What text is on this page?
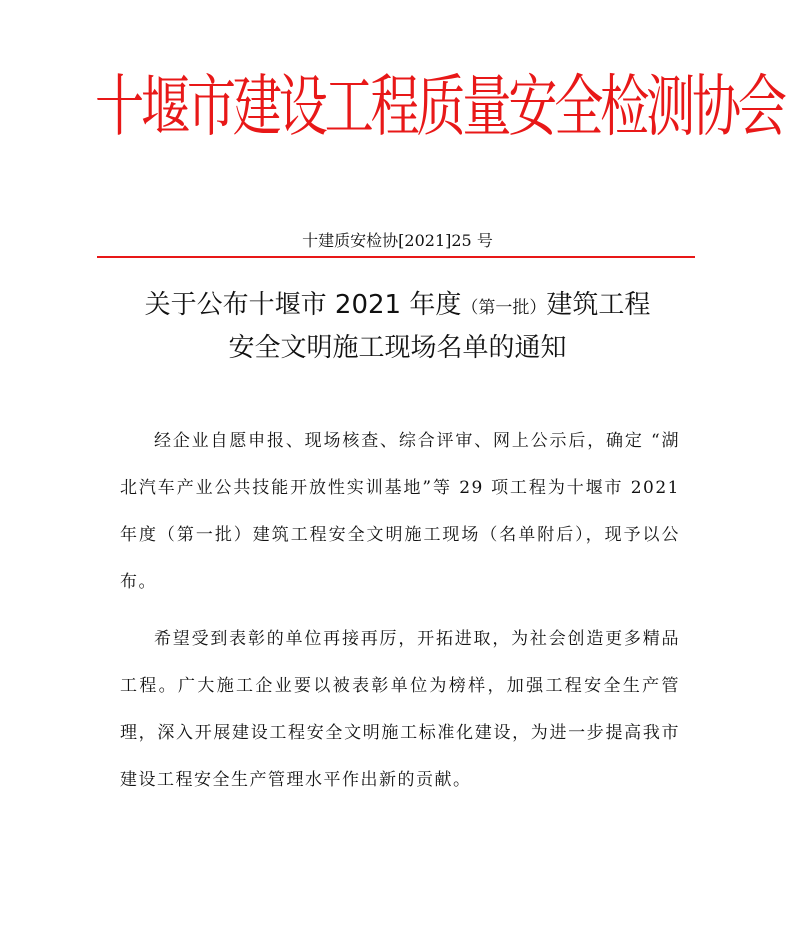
十堰市建设工程质量安全检测协会
十建质安检协[2021]25 号
关于公布十堰市 2021 年度（第一批）建筑工程
安全文明施工现场名单的通知

经企业自愿申报、现场核查、综合评审、网上公示后，确定 “湖北汽车产业公共技能开放性实训基地”等 29 项工程为十堰市 2021 年度（第一批）建筑工程安全文明施工现场（名单附后），现予以公布。

希望受到表彰的单位再接再厉，开拓进取，为社会创造更多精品工程。广大施工企业要以被表彰单位为榜样，加强工程安全生产管理，深入开展建设工程安全文明施工标准化建设，为进一步提高我市建设工程安全生产管理水平作出新的贡献。
